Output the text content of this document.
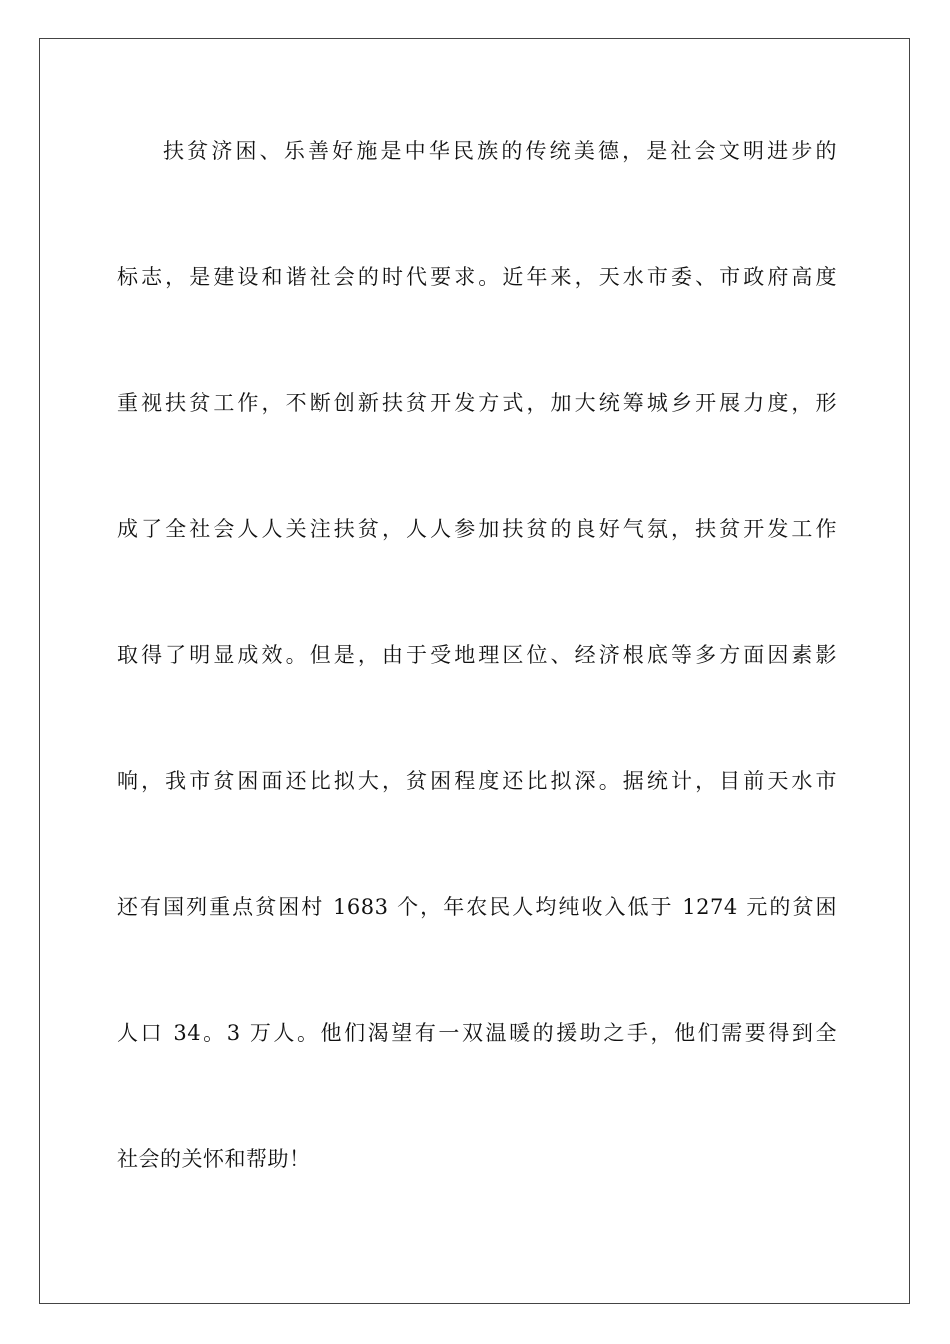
扶贫济困、乐善好施是中华民族的传统美德，是社会文明进步的
标志，是建设和谐社会的时代要求。近年来，天水市委、市政府高度
重视扶贫工作，不断创新扶贫开发方式，加大统筹城乡开展力度，形
成了全社会人人关注扶贫，人人参加扶贫的良好气氛，扶贫开发工作
取得了明显成效。但是，由于受地理区位、经济根底等多方面因素影
响，我市贫困面还比拟大，贫困程度还比拟深。据统计，目前天水市
还有国列重点贫困村 1683 个，年农民人均纯收入低于 1274 元的贫困
人口 34。3 万人。他们渴望有一双温暖的援助之手，他们需要得到全
社会的关怀和帮助！
